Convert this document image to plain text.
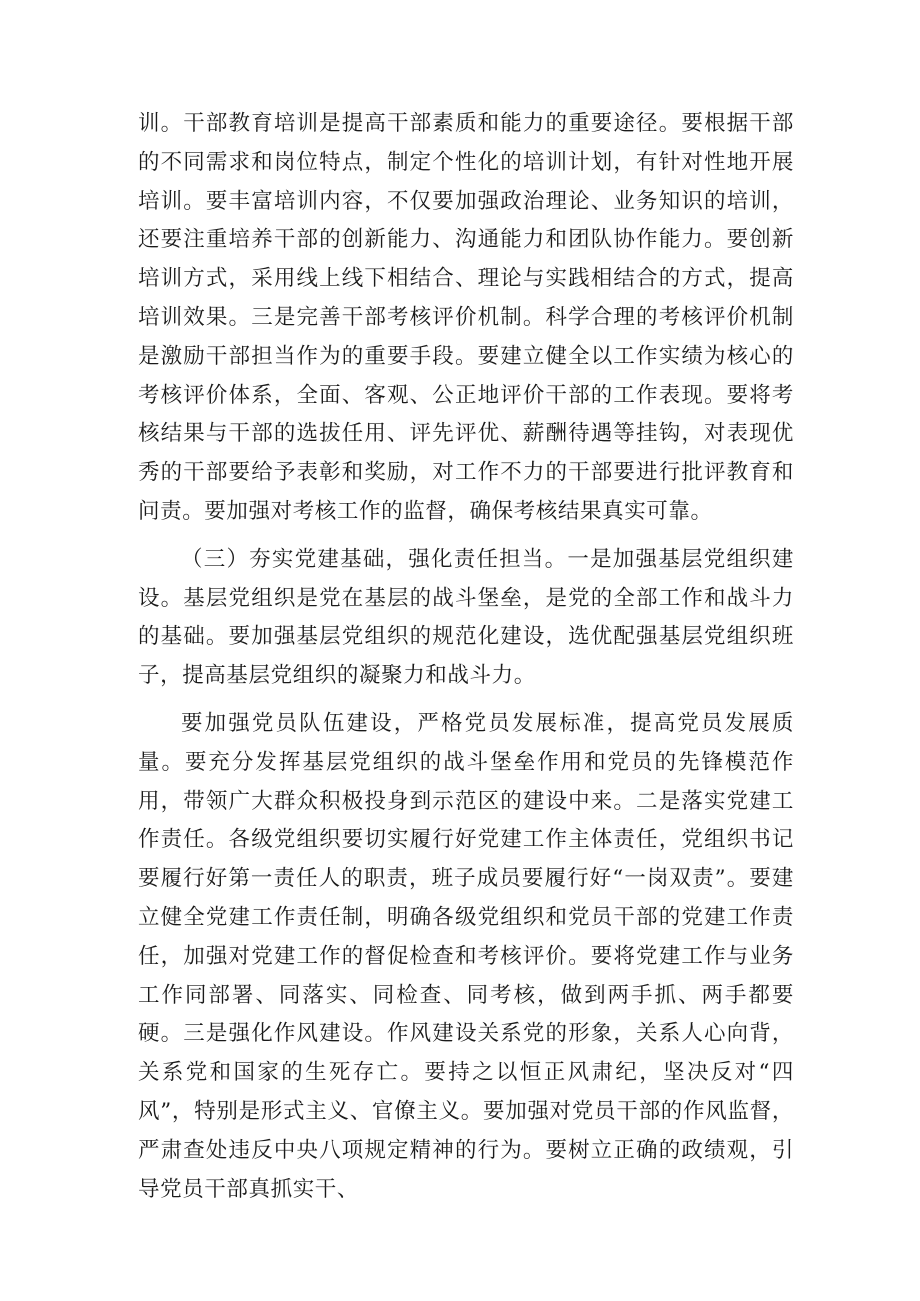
训。干部教育培训是提高干部素质和能力的重要途径。要根据干部的不同需求和岗位特点，制定个性化的培训计划，有针对性地开展培训。要丰富培训内容，不仅要加强政治理论、业务知识的培训，还要注重培养干部的创新能力、沟通能力和团队协作能力。要创新培训方式，采用线上线下相结合、理论与实践相结合的方式，提高培训效果。三是完善干部考核评价机制。科学合理的考核评价机制是激励干部担当作为的重要手段。要建立健全以工作实绩为核心的考核评价体系，全面、客观、公正地评价干部的工作表现。要将考核结果与干部的选拔任用、评先评优、薪酬待遇等挂钩，对表现优秀的干部要给予表彰和奖励，对工作不力的干部要进行批评教育和问责。要加强对考核工作的监督，确保考核结果真实可靠。

（三）夯实党建基础，强化责任担当。一是加强基层党组织建设。基层党组织是党在基层的战斗堡垒，是党的全部工作和战斗力的基础。要加强基层党组织的规范化建设，选优配强基层党组织班子，提高基层党组织的凝聚力和战斗力。

要加强党员队伍建设，严格党员发展标准，提高党员发展质量。要充分发挥基层党组织的战斗堡垒作用和党员的先锋模范作用，带领广大群众积极投身到示范区的建设中来。二是落实党建工作责任。各级党组织要切实履行好党建工作主体责任，党组织书记要履行好第一责任人的职责，班子成员要履行好“一岗双责”。要建立健全党建工作责任制，明确各级党组织和党员干部的党建工作责任，加强对党建工作的督促检查和考核评价。要将党建工作与业务工作同部署、同落实、同检查、同考核，做到两手抓、两手都要硬。三是强化作风建设。作风建设关系党的形象，关系人心向背，关系党和国家的生死存亡。要持之以恒正风肃纪，坚决反对“四风”，特别是形式主义、官僚主义。要加强对党员干部的作风监督，严肃查处违反中央八项规定精神的行为。要树立正确的政绩观，引导党员干部真抓实干、
